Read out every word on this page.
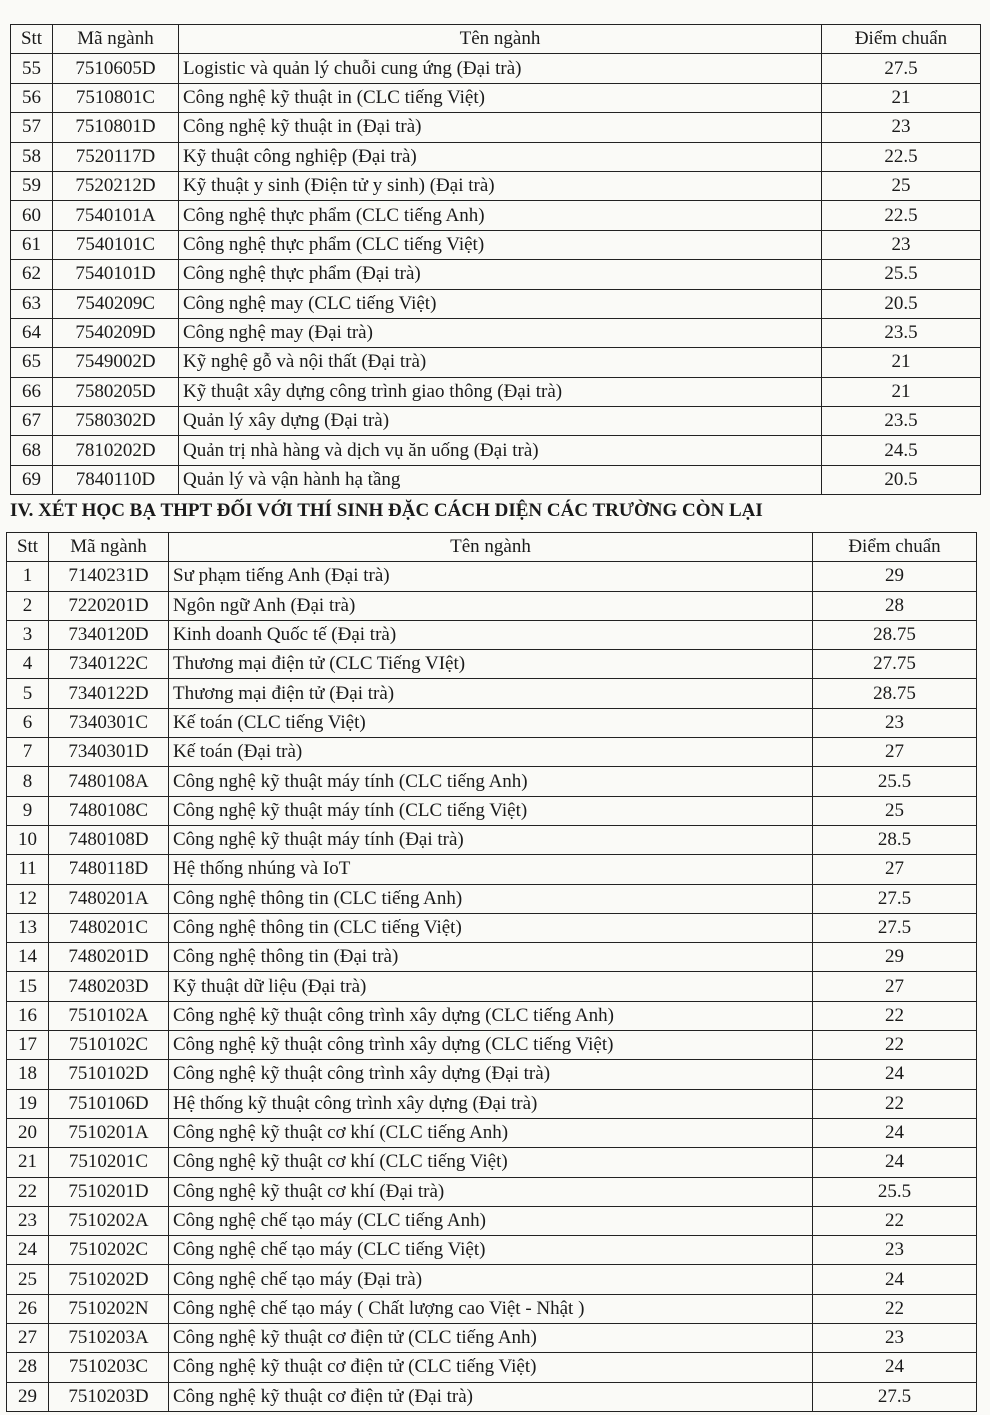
Stt	Mã ngành	Tên ngành	Điểm chuẩn
55	7510605D	Logistic và quản lý chuỗi cung ứng (Đại trà)	27.5
56	7510801C	Công nghệ kỹ thuật in (CLC tiếng Việt)	21
57	7510801D	Công nghệ kỹ thuật in (Đại trà)	23
58	7520117D	Kỹ thuật công nghiệp (Đại trà)	22.5
59	7520212D	Kỹ thuật y sinh (Điện tử y sinh) (Đại trà)	25
60	7540101A	Công nghệ thực phẩm (CLC tiếng Anh)	22.5
61	7540101C	Công nghệ thực phẩm (CLC tiếng Việt)	23
62	7540101D	Công nghệ thực phẩm (Đại trà)	25.5
63	7540209C	Công nghệ may (CLC tiếng Việt)	20.5
64	7540209D	Công nghệ may (Đại trà)	23.5
65	7549002D	Kỹ nghệ gỗ và nội thất (Đại trà)	21
66	7580205D	Kỹ thuật xây dựng công trình giao thông (Đại trà)	21
67	7580302D	Quản lý xây dựng (Đại trà)	23.5
68	7810202D	Quản trị nhà hàng và dịch vụ ăn uống (Đại trà)	24.5
69	7840110D	Quản lý và vận hành hạ tầng	20.5
IV. XÉT HỌC BẠ THPT ĐỐI VỚI THÍ SINH ĐẶC CÁCH DIỆN CÁC TRƯỜNG CÒN LẠI
Stt	Mã ngành	Tên ngành	Điểm chuẩn
1	7140231D	Sư phạm tiếng Anh (Đại trà)	29
2	7220201D	Ngôn ngữ Anh (Đại trà)	28
3	7340120D	Kinh doanh Quốc tế (Đại trà)	28.75
4	7340122C	Thương mại điện tử (CLC Tiếng VIệt)	27.75
5	7340122D	Thương mại điện tử (Đại trà)	28.75
6	7340301C	Kế toán (CLC tiếng Việt)	23
7	7340301D	Kế toán (Đại trà)	27
8	7480108A	Công nghệ kỹ thuật máy tính (CLC tiếng Anh)	25.5
9	7480108C	Công nghệ kỹ thuật máy tính (CLC tiếng Việt)	25
10	7480108D	Công nghệ kỹ thuật máy tính (Đại trà)	28.5
11	7480118D	Hệ thống nhúng và IoT	27
12	7480201A	Công nghệ thông tin (CLC tiếng Anh)	27.5
13	7480201C	Công nghệ thông tin (CLC tiếng Việt)	27.5
14	7480201D	Công nghệ thông tin (Đại trà)	29
15	7480203D	Kỹ thuật dữ liệu (Đại trà)	27
16	7510102A	Công nghệ kỹ thuật công trình xây dựng (CLC tiếng Anh)	22
17	7510102C	Công nghệ kỹ thuật công trình xây dựng (CLC tiếng Việt)	22
18	7510102D	Công nghệ kỹ thuật công trình xây dựng (Đại trà)	24
19	7510106D	Hệ thống kỹ thuật công trình xây dựng (Đại trà)	22
20	7510201A	Công nghệ kỹ thuật cơ khí (CLC tiếng Anh)	24
21	7510201C	Công nghệ kỹ thuật cơ khí (CLC tiếng Việt)	24
22	7510201D	Công nghệ kỹ thuật cơ khí (Đại trà)	25.5
23	7510202A	Công nghệ chế tạo máy (CLC tiếng Anh)	22
24	7510202C	Công nghệ chế tạo máy (CLC tiếng Việt)	23
25	7510202D	Công nghệ chế tạo máy (Đại trà)	24
26	7510202N	Công nghệ chế tạo máy ( Chất lượng cao Việt - Nhật )	22
27	7510203A	Công nghệ kỹ thuật cơ điện tử (CLC tiếng Anh)	23
28	7510203C	Công nghệ kỹ thuật cơ điện tử (CLC tiếng Việt)	24
29	7510203D	Công nghệ kỹ thuật cơ điện tử (Đại trà)	27.5
